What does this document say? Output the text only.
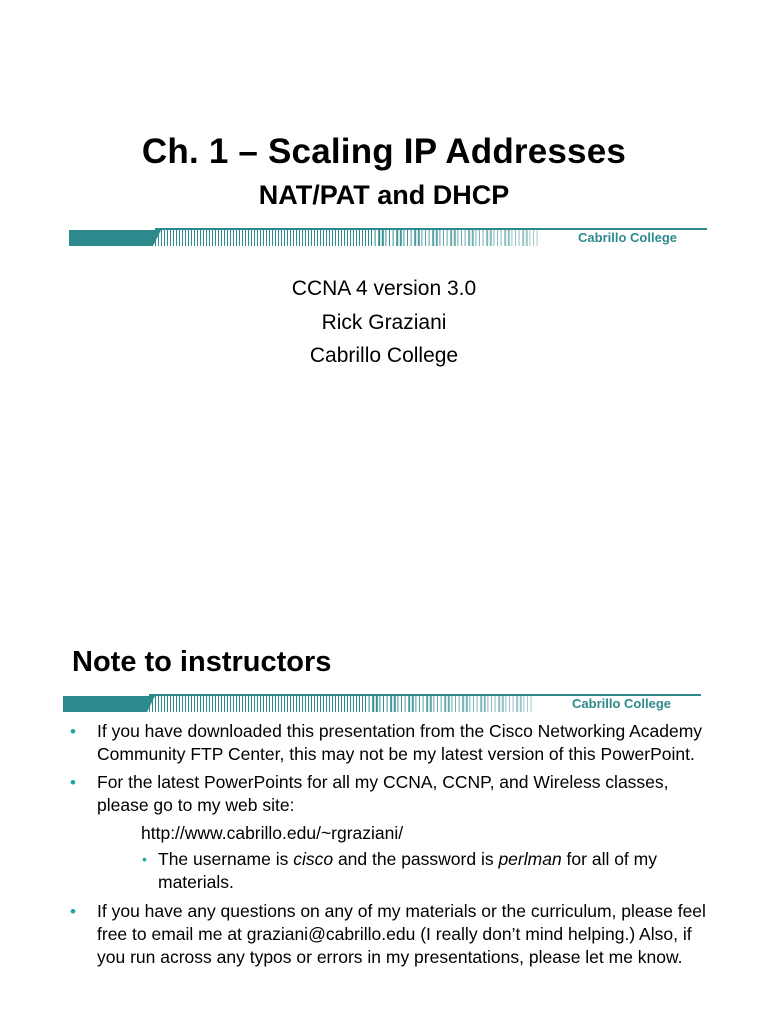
Ch. 1 – Scaling IP Addresses
NAT/PAT and DHCP
Cabrillo College
CCNA 4 version 3.0
Rick Graziani
Cabrillo College
Note to instructors
Cabrillo College
• If you have downloaded this presentation from the Cisco Networking Academy Community FTP Center, this may not be my latest version of this PowerPoint.
• For the latest PowerPoints for all my CCNA, CCNP, and Wireless classes, please go to my web site:
http://www.cabrillo.edu/~rgraziani/
• The username is cisco and the password is perlman for all of my materials.
• If you have any questions on any of my materials or the curriculum, please feel free to email me at graziani@cabrillo.edu (I really don’t mind helping.) Also, if you run across any typos or errors in my presentations, please let me know.
